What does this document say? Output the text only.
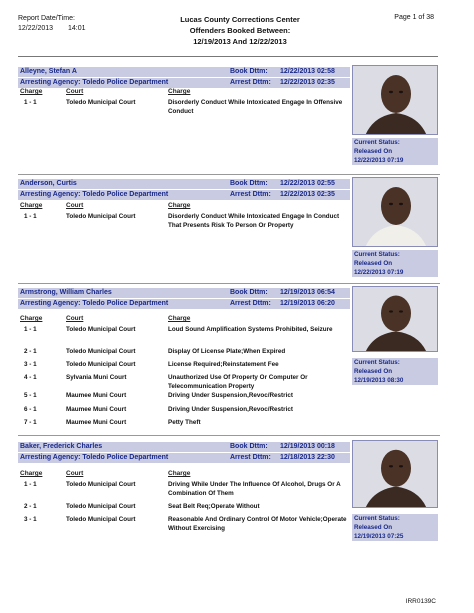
Report Date/Time:
12/22/2013	14:01
Lucas County Corrections Center
Offenders Booked Between:
12/19/2013 And 12/22/2013
Page 1 of 38
Alleyne, Stefan A	Book Dttm: 12/22/2013 02:58
Arresting Agency: Toledo Police Department	Arrest Dttm: 12/22/2013 02:35
Charge	Court	Charge
1 - 1	Toledo Municipal Court	Disorderly Conduct While Intoxicated Engage In Offensive Conduct
Current Status:
Released On
12/22/2013 07:19
Anderson, Curtis	Book Dttm: 12/22/2013 02:55
Arresting Agency: Toledo Police Department	Arrest Dttm: 12/22/2013 02:35
Charge	Court	Charge
1 - 1	Toledo Municipal Court	Disorderly Conduct While Intoxicated Engage In Conduct That Presents Risk To Person Or Property
Current Status:
Released On
12/22/2013 07:19
Armstrong, William Charles	Book Dttm: 12/19/2013 06:54
Arresting Agency: Toledo Police Department	Arrest Dttm: 12/19/2013 06:20
Charge	Court	Charge
1 - 1	Toledo Municipal Court	Loud Sound Amplification Systems Prohibited, Seizure
2 - 1	Toledo Municipal Court	Display Of License Plate;When Expired
3 - 1	Toledo Municipal Court	License Required;Reinstatement Fee
4 - 1	Sylvania Muni Court	Unauthorized Use Of Property Or Computer Or Telecommunication Property
5 - 1	Maumee Muni Court	Driving Under Suspension,Revoc/Restrict
6 - 1	Maumee Muni Court	Driving Under Suspension,Revoc/Restrict
7 - 1	Maumee Muni Court	Petty Theft
Current Status:
Released On
12/19/2013 08:30
Baker, Frederick Charles	Book Dttm: 12/19/2013 00:18
Arresting Agency: Toledo Police Department	Arrest Dttm: 12/18/2013 22:30
Charge	Court	Charge
1 - 1	Toledo Municipal Court	Driving While Under The Influence Of Alcohol, Drugs Or A Combination Of Them
2 - 1	Toledo Municipal Court	Seat Belt Req;Operate Without
3 - 1	Toledo Municipal Court	Reasonable And Ordinary Control Of Motor Vehicle;Operate Without Exercising
Current Status:
Released On
12/19/2013 07:25
IRR0139C
